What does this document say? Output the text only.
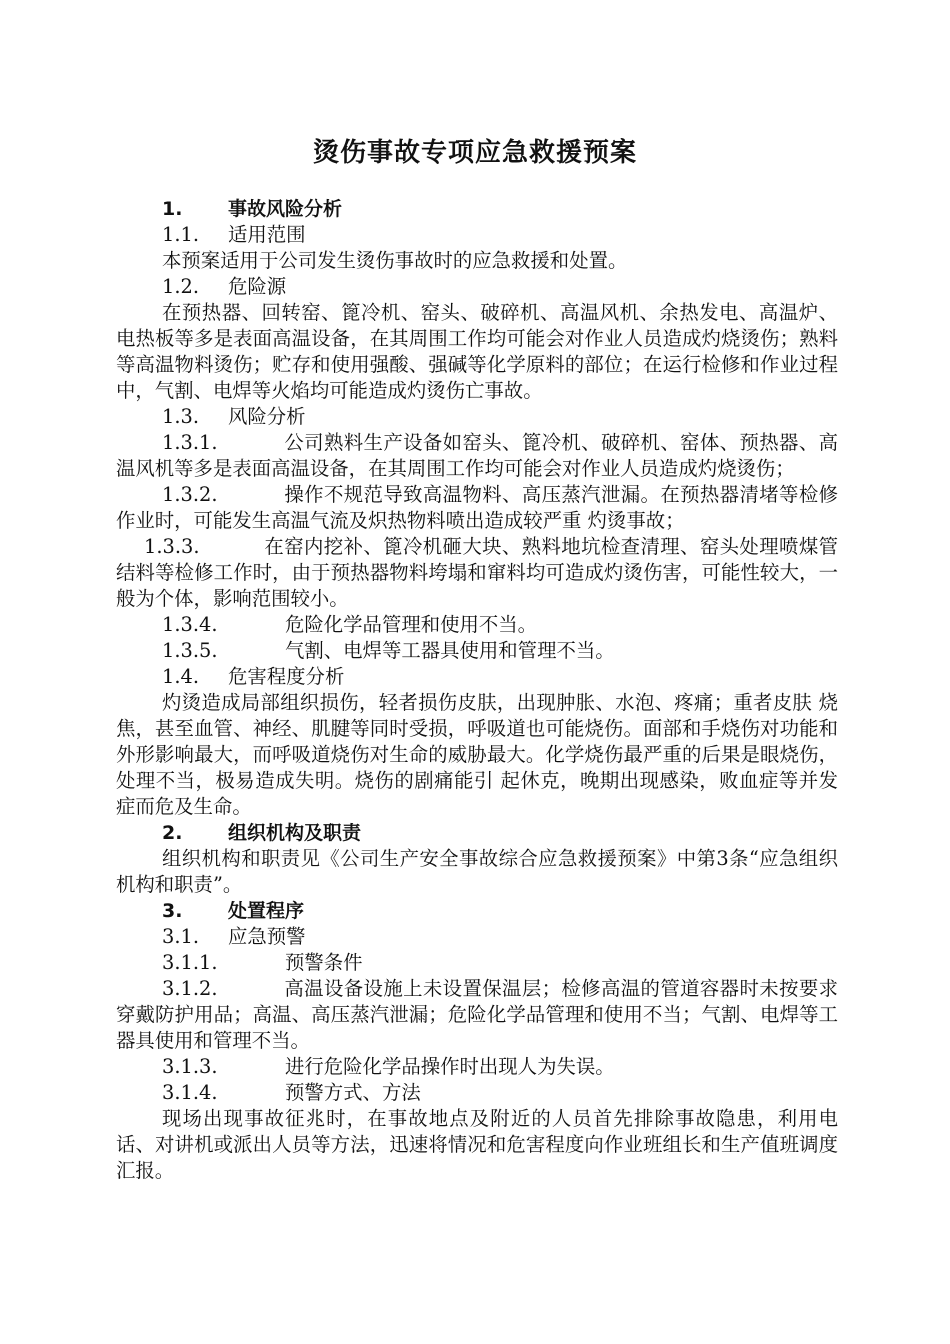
烫伤事故专项应急救援预案
1. 事故风险分析
1.1. 适用范围

本预案适用于公司发生烫伤事故时的应急救援和处置。

1.2. 危险源

在预热器、回转窑、篦冷机、窑头、破碎机、高温风机、余热发电、高温炉、电热板等多是表面高温设备，在其周围工作均可能会对作业人员造成灼烧烫伤；熟料等高温物料烫伤；贮存和使用强酸、强碱等化学原料的部位；在运行检修和作业过程中，气割、电焊等火焰均可能造成灼烫伤亡事故。

1.3. 风险分析

1.3.1.	公司熟料生产设备如窑头、篦冷机、破碎机、窑体、预热器、高温风机等多是表面高温设备，在其周围工作均可能会对作业人员造成灼烧烫伤；

1.3.2.	操作不规范导致高温物料、高压蒸汽泄漏。在预热器清堵等检修作业时，可能发生高温气流及炽热物料喷出造成较严重 灼烫事故；

1.3.3.	在窑内挖补、篦冷机砸大块、熟料地坑检查清理、窑头处理喷煤管结料等检修工作时，由于预热器物料垮塌和窜料均可造成灼烫伤害，可能性较大，一般为个体，影响范围较小。

1.3.4.	危险化学品管理和使用不当。
1.3.5.	气割、电焊等工器具使用和管理不当。
1.4. 危害程度分析

灼烫造成局部组织损伤，轻者损伤皮肤，出现肿胀、水泡、疼痛；重者皮肤 烧焦，甚至血管、神经、肌腱等同时受损，呼吸道也可能烧伤。面部和手烧伤对功能和外形影响最大，而呼吸道烧伤对生命的威胁最大。化学烧伤最严重的后果是眼烧伤，处理不当，极易造成失明。烧伤的剧痛能引 起休克，晚期出现感染，败血症等并发症而危及生命。

2. 组织机构及职责

组织机构和职责见《公司生产安全事故综合应急救援预案》中第3条“应急组织机构和职责”。

3. 处置程序
3.1. 应急预警
3.1.1.	预警条件

3.1.2.	高温设备设施上未设置保温层；检修高温的管道容器时未按要求穿戴防护用品；高温、高压蒸汽泄漏；危险化学品管理和使用不当；气割、电焊等工器具使用和管理不当。

3.1.3.	进行危险化学品操作时出现人为失误。
3.1.4.	预警方式、方法

现场出现事故征兆时，在事故地点及附近的人员首先排除事故隐患，利用电话、对讲机或派出人员等方法，迅速将情况和危害程度向作业班组长和生产值班调度汇报。
